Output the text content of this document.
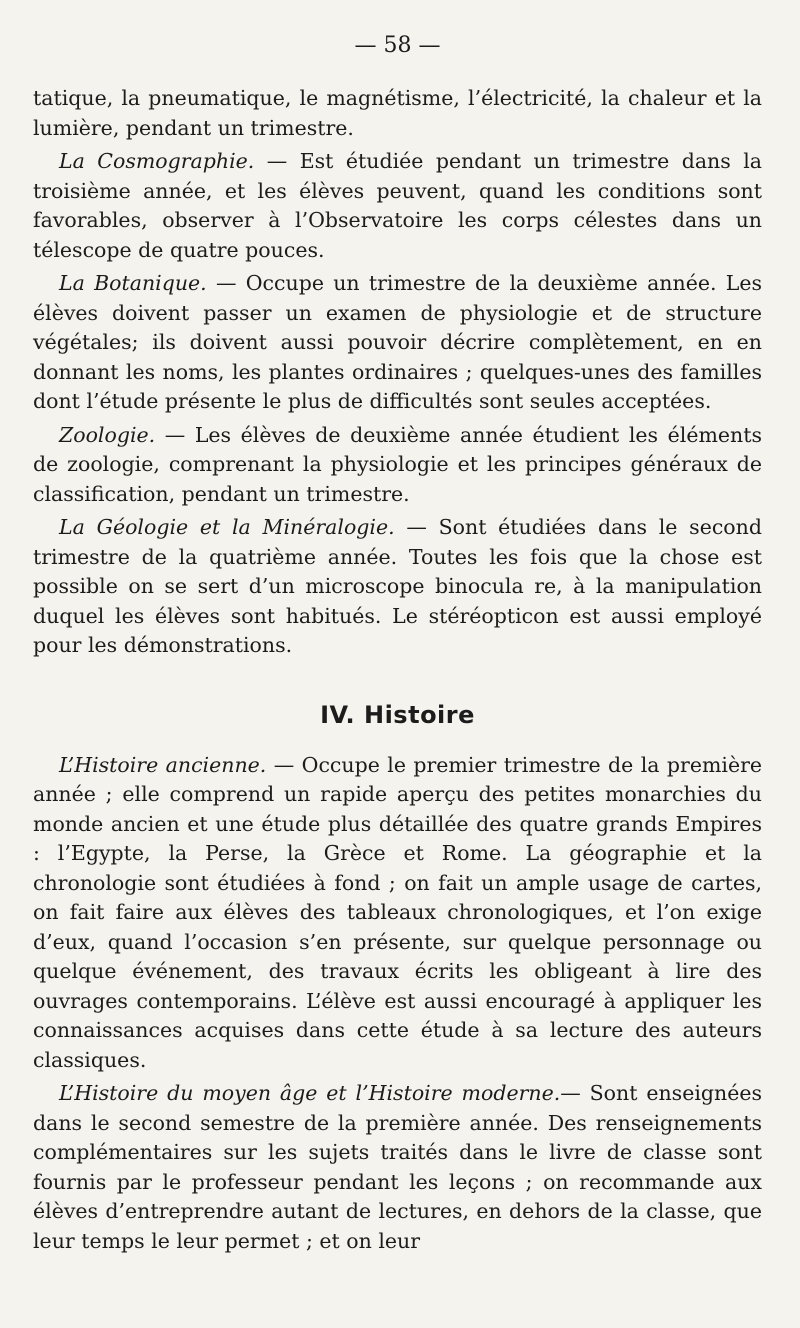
— 58 —

tatique, la pneumatique, le magnétisme, l’électricité, la chaleur et la lumière, pendant un trimestre.

La Cosmographie. — Est étudiée pendant un trimestre dans la troisième année, et les élèves peuvent, quand les conditions sont favorables, observer à l’Observatoire les corps célestes dans un télescope de quatre pouces.

La Botanique. — Occupe un trimestre de la deuxième année. Les élèves doivent passer un examen de physiologie et de structure végétales; ils doivent aussi pouvoir décrire complètement, en en donnant les noms, les plantes ordinaires ; quelques-unes des familles dont l’étude présente le plus de difficultés sont seules acceptées.

Zoologie. — Les élèves de deuxième année étudient les éléments de zoologie, comprenant la physiologie et les principes généraux de classification, pendant un trimestre.

La Géologie et la Minéralogie. — Sont étudiées dans le second trimestre de la quatrième année. Toutes les fois que la chose est possible on se sert d’un microscope binocula re, à la manipulation duquel les élèves sont habitués. Le stéréopticon est aussi employé pour les démonstrations.

IV. Histoire

L’Histoire ancienne. — Occupe le premier trimestre de la première année ; elle comprend un rapide aperçu des petites monarchies du monde ancien et une étude plus détaillée des quatre grands Empires : l’Egypte, la Perse, la Grèce et Rome. La géographie et la chronologie sont étudiées à fond ; on fait un ample usage de cartes, on fait faire aux élèves des tableaux chronologiques, et l’on exige d’eux, quand l’occasion s’en présente, sur quelque personnage ou quelque événement, des travaux écrits les obligeant à lire des ouvrages contemporains. L’élève est aussi encouragé à appliquer les connaissances acquises dans cette étude à sa lecture des auteurs classiques.

L’Histoire du moyen âge et l’Histoire moderne.— Sont enseignées dans le second semestre de la première année. Des renseignements complémentaires sur les sujets traités dans le livre de classe sont fournis par le professeur pendant les leçons ; on recommande aux élèves d’entreprendre autant de lectures, en dehors de la classe, que leur temps le leur permet ; et on leur
